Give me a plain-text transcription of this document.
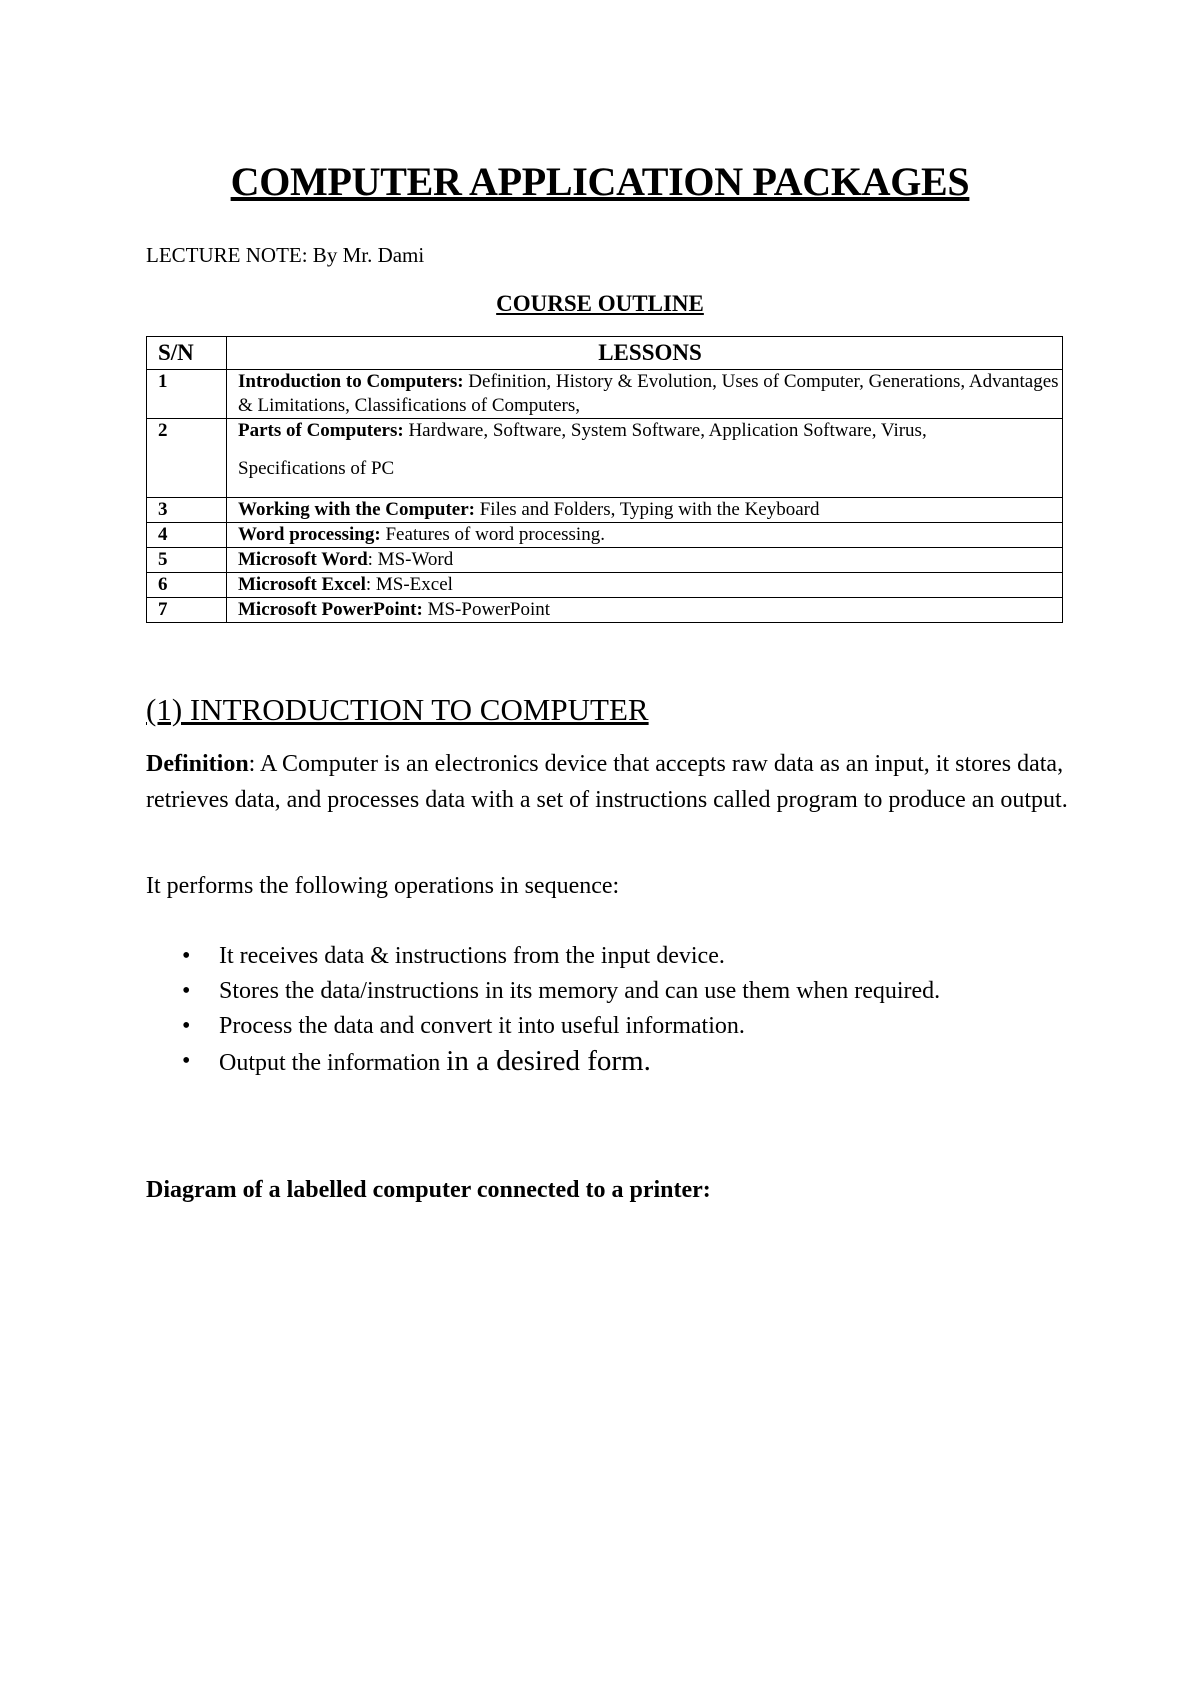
COMPUTER APPLICATION PACKAGES
LECTURE NOTE: By Mr. Dami
COURSE OUTLINE
S/N	LESSONS
1	Introduction to Computers: Definition, History & Evolution, Uses of Computer, Generations, Advantages & Limitations, Classifications of Computers,
2	Parts of Computers: Hardware, Software, System Software, Application Software, Virus,
Specifications of PC

3	Working with the Computer: Files and Folders, Typing with the Keyboard
4	Word processing: Features of word processing.
5	Microsoft Word: MS-Word
6	Microsoft Excel: MS-Excel
7	Microsoft PowerPoint: MS-PowerPoint
(1) INTRODUCTION TO COMPUTER
Definition: A Computer is an electronics device that accepts raw data as an input, it stores data, retrieves data, and processes data with a set of instructions called program to produce an output.
It performs the following operations in sequence:
• It receives data & instructions from the input device.
• Stores the data/instructions in its memory and can use them when required.
• Process the data and convert it into useful information.
• Output the information in a desired form.
Diagram of a labelled computer connected to a printer:
